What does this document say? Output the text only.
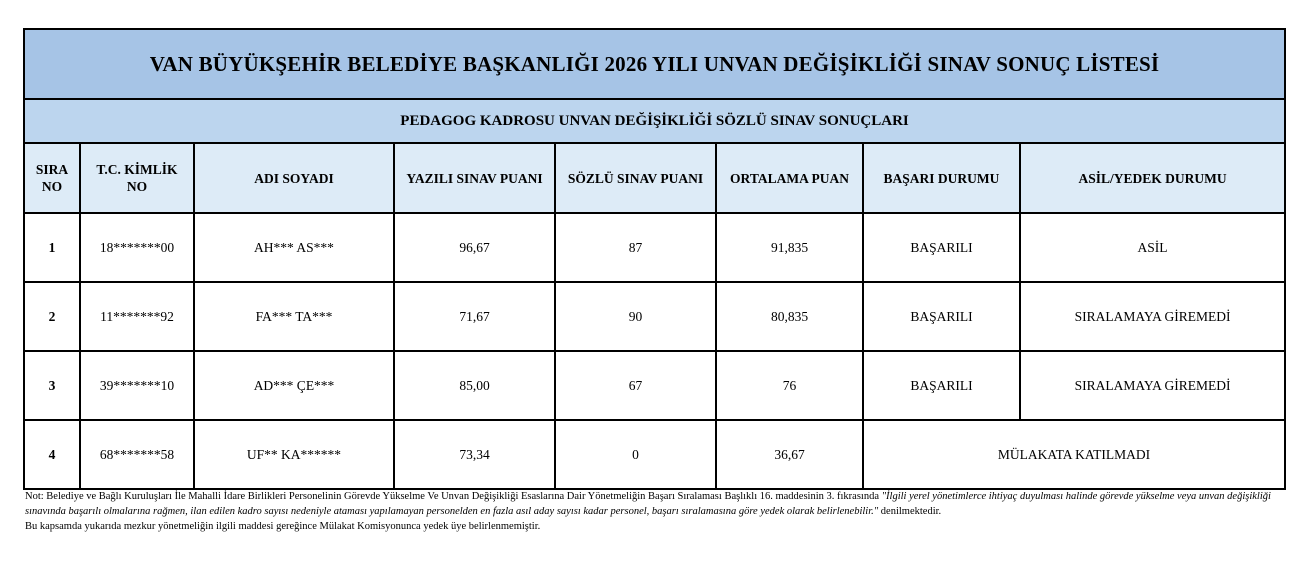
VAN BÜYÜKŞEHİR BELEDİYE BAŞKANLIĞI 2026 YILI UNVAN DEĞİŞİKLİĞİ SINAV SONUÇ LİSTESİ							
PEDAGOG KADROSU UNVAN DEĞİŞİKLİĞİ SÖZLÜ SINAV SONUÇLARI							
SIRA NO	T.C. KİMLİK NO	ADI SOYADI	YAZILI SINAV PUANI	SÖZLÜ SINAV PUANI	ORTALAMA PUAN	BAŞARI DURUMU	ASİL/YEDEK DURUMU
1	18*******00	AH*** AS***	96,67	87	91,835	BAŞARILI	ASİL
2	11*******92	FA*** TA***	71,67	90	80,835	BAŞARILI	SIRALAMAYA GİREMEDİ
3	39*******10	AD*** ÇE***	85,00	67	76	BAŞARILI	SIRALAMAYA GİREMEDİ
4	68*******58	UF** KA******	73,34	0	36,67	MÜLAKATA KATILMADI	
Not: Belediye ve Bağlı Kuruluşları İle Mahalli İdare Birlikleri Personelinin Görevde Yükselme Ve Unvan Değişikliği Esaslarına Dair Yönetmeliğin Başarı Sıralaması Başlıklı 16. maddesinin 3. fıkrasında "İlgili yerel yönetimlerce ihtiyaç duyulması halinde görevde yükselme veya unvan değişikliği sınavında başarılı olmalarına rağmen, ilan edilen kadro sayısı nedeniyle ataması yapılamayan personelden en fazla asıl aday sayısı kadar personel, başarı sıralamasına göre yedek olarak belirlenebilir." denilmektedir.
Bu kapsamda yukarıda mezkur yönetmeliğin ilgili maddesi gereğince Mülakat Komisyonunca yedek üye belirlenmemiştir.
